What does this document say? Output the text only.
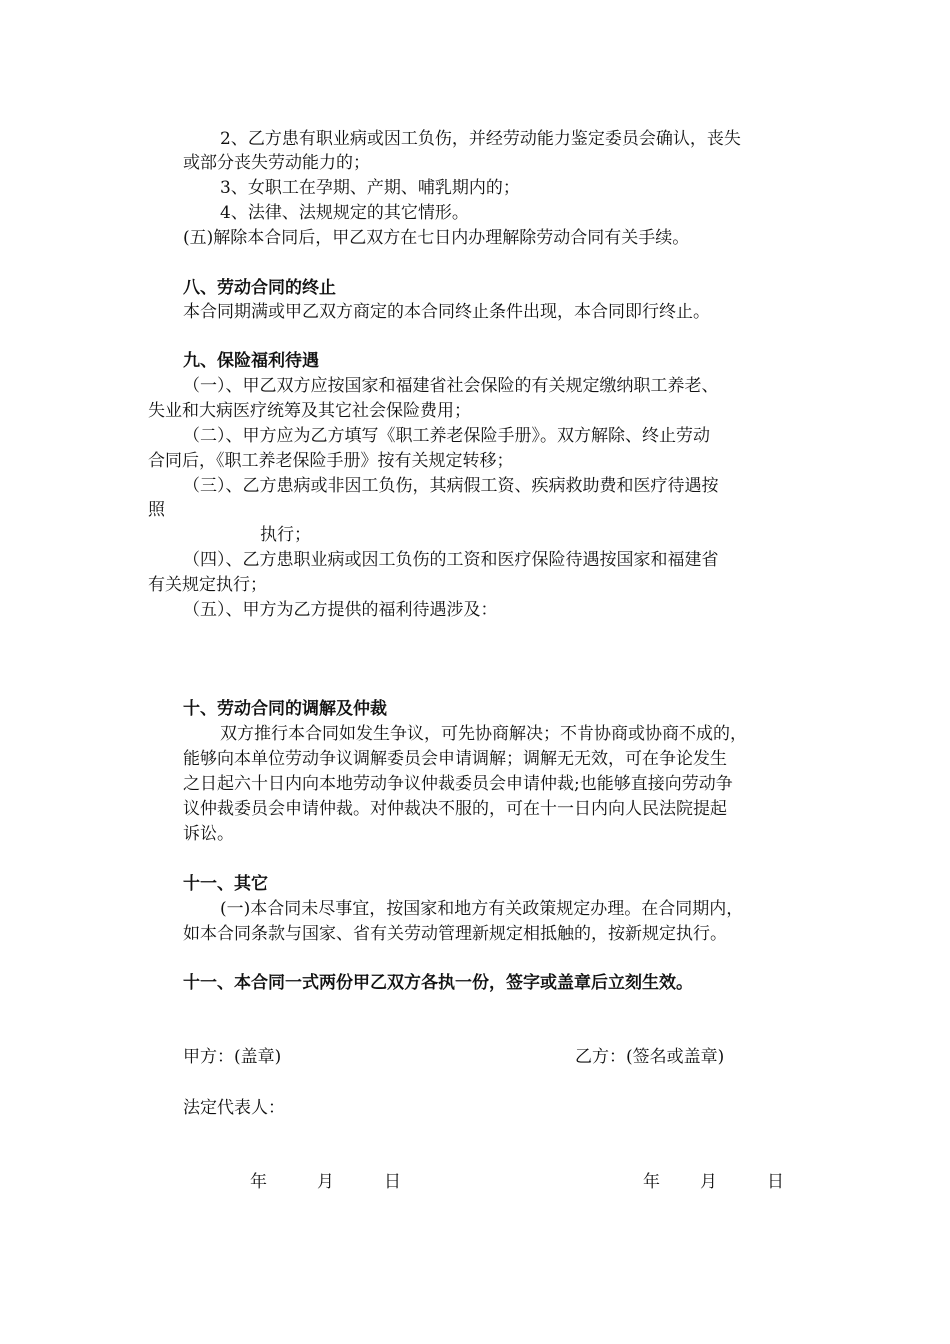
2、乙方患有职业病或因工负伤，并经劳动能力鉴定委员会确认，丧失
或部分丧失劳动能力的；
3、女职工在孕期、产期、哺乳期内的；
4、法律、法规规定的其它情形。
(五)解除本合同后，甲乙双方在七日内办理解除劳动合同有关手续。
八、劳动合同的终止
本合同期满或甲乙双方商定的本合同终止条件出现，本合同即行终止。
九、保险福利待遇
（一）、甲乙双方应按国家和福建省社会保险的有关规定缴纳职工养老、
失业和大病医疗统筹及其它社会保险费用；
（二）、甲方应为乙方填写《职工养老保险手册》。双方解除、终止劳动
合同后，《职工养老保险手册》按有关规定转移；
（三）、乙方患病或非因工负伤，其病假工资、疾病救助费和医疗待遇按
照
执行；
（四）、乙方患职业病或因工负伤的工资和医疗保险待遇按国家和福建省
有关规定执行；
（五）、甲方为乙方提供的福利待遇涉及：
十、劳动合同的调解及仲裁
双方推行本合同如发生争议，可先协商解决；不肯协商或协商不成的，
能够向本单位劳动争议调解委员会申请调解；调解无无效，可在争论发生
之日起六十日内向本地劳动争议仲裁委员会申请仲裁;也能够直接向劳动争
议仲裁委员会申请仲裁。对仲裁决不服的，可在十一日内向人民法院提起
诉讼。
十一、其它
(一)本合同未尽事宜，按国家和地方有关政策规定办理。在合同期内，
如本合同条款与国家、省有关劳动管理新规定相抵触的，按新规定执行。
十一、本合同一式两份甲乙双方各执一份，签字或盖章后立刻生效。
甲方：(盖章)	乙方：(签名或盖章)
法定代表人：
年	月	日	年 月	日
